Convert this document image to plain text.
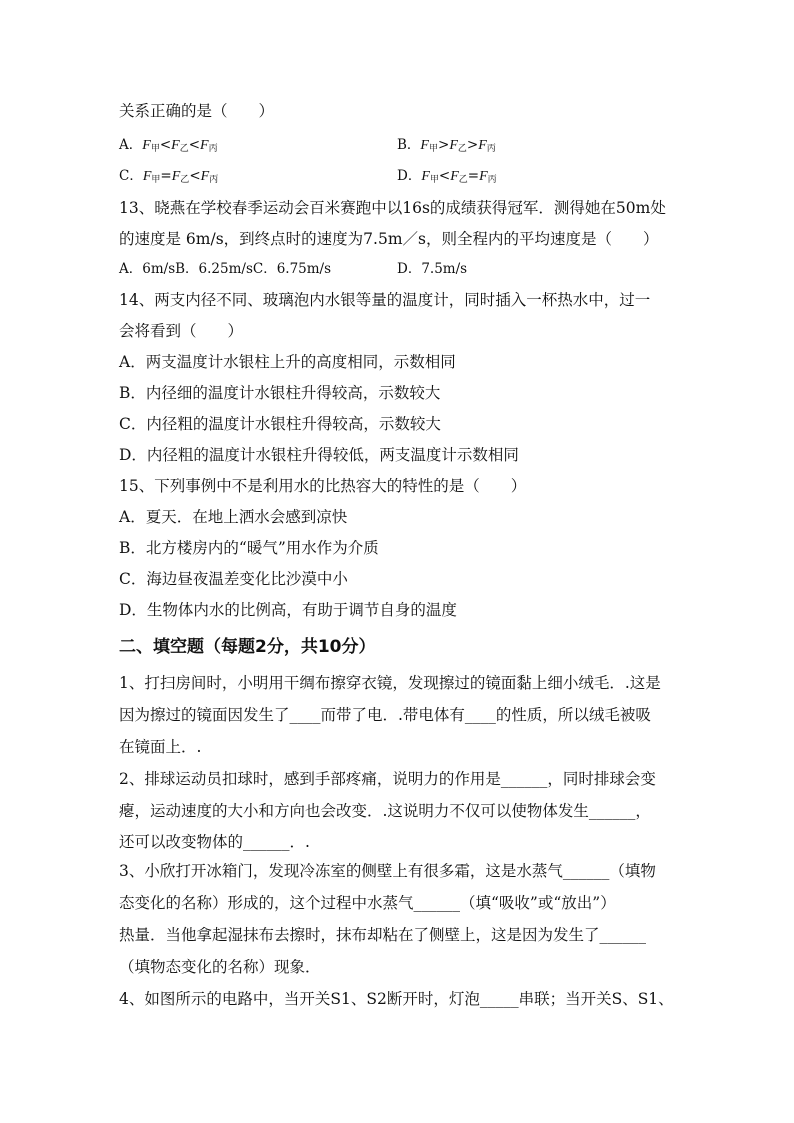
关系正确的是（　　）
A．$F_甲<F_乙<F_丙$	B．$F_甲>F_乙>F_丙$
C．$F_甲=F_乙<F_丙$	D．$F_甲<F_乙=F_丙$
13、晓燕在学校春季运动会百米赛跑中以16s的成绩获得冠军．测得她在50m处
的速度是 6m/s，到终点时的速度为7.5m／s，则全程内的平均速度是（　　）
A．6m/sB．6.25m/sC．6.75m/s	D．7.5m/s
14、两支内径不同、玻璃泡内水银等量的温度计，同时插入一杯热水中，过一
会将看到（　　）
A．两支温度计水银柱上升的高度相同，示数相同
B．内径细的温度计水银柱升得较高，示数较大
C．内径粗的温度计水银柱升得较高，示数较大
D．内径粗的温度计水银柱升得较低，两支温度计示数相同
15、下列事例中不是利用水的比热容大的特性的是（　　）
A．夏天．在地上洒水会感到凉快
B．北方楼房内的“暖气”用水作为介质
C．海边昼夜温差变化比沙漠中小
D．生物体内水的比例高，有助于调节自身的温度
二、填空题（每题2分，共10分）
1、打扫房间时，小明用干绸布擦穿衣镜，发现擦过的镜面黏上细小绒毛．.这是
因为擦过的镜面因发生了____而带了电．.带电体有____的性质，所以绒毛被吸
在镜面上．.
2、排球运动员扣球时，感到手部疼痛，说明力的作用是______，同时排球会变
瘪，运动速度的大小和方向也会改变．.这说明力不仅可以使物体发生______，
还可以改变物体的______．.
3、小欣打开冰箱门，发现冷冻室的侧壁上有很多霜，这是水蒸气______（填物
态变化的名称）形成的，这个过程中水蒸气______（填“吸收”或“放出”）
热量．当他拿起湿抹布去擦时，抹布却粘在了侧壁上，这是因为发生了______
（填物态变化的名称）现象．
4、如图所示的电路中，当开关S1、S2断开时，灯泡_____串联；当开关S、S1、
